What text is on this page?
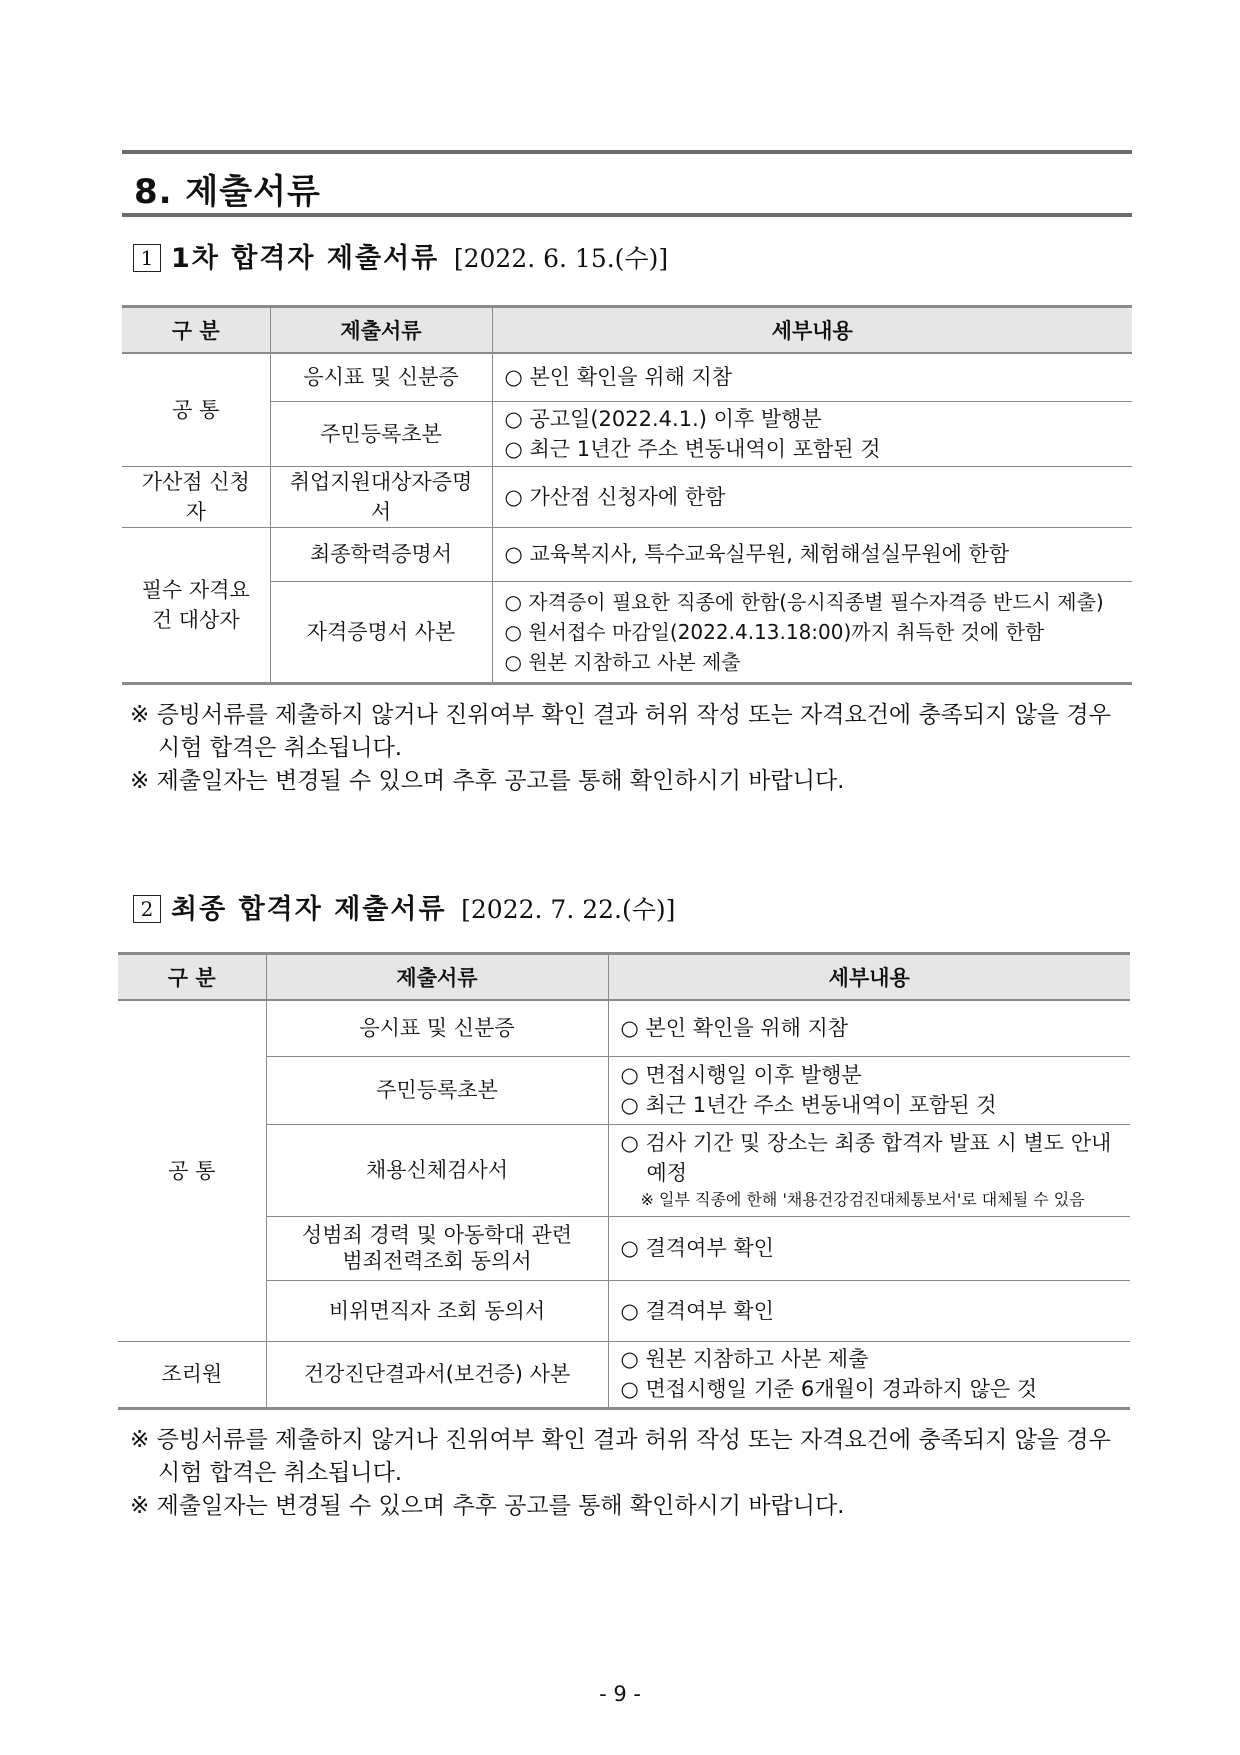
8. 제출서류
1 1차 합격자 제출서류 [2022. 6. 15.(수)]
구 분	제출서류	세부내용
공 통	응시표 및 신분증	○ 본인 확인을 위해 지참

	주민등록초본	○ 공고일(2022.4.1.) 이후 발행분
○ 최근 1년간 주소 변동내역이 포함된 것

가산점 신청자	취업지원대상자증명서	○ 가산점 신청자에 한함

필수 자격요건 대상자	최종학력증명서	○ 교육복지사, 특수교육실무원, 체험해설실무원에 한함

	자격증명서 사본	○ 자격증이 필요한 직종에 한함(응시직종별 필수자격증 반드시 제출)
○ 원서접수 마감일(2022.4.13.18:00)까지 취득한 것에 한함
○ 원본 지참하고 사본 제출

※ 증빙서류를 제출하지 않거나 진위여부 확인 결과 허위 작성 또는 자격요건에 충족되지 않을 경우 시험 합격은 취소됩니다.

※ 제출일자는 변경될 수 있으며 추후 공고를 통해 확인하시기 바랍니다.

2 최종 합격자 제출서류 [2022. 7. 22.(수)]
구 분	제출서류	세부내용
공 통	응시표 및 신분증	○ 본인 확인을 위해 지참

	주민등록초본	○ 면접시행일 이후 발행분
○ 최근 1년간 주소 변동내역이 포함된 것

	채용신체검사서	○ 검사 기간 및 장소는 최종 합격자 발표 시 별도 안내 예정
※ 일부 직종에 한해 '채용건강검진대체통보서'로 대체될 수 있음

	성범죄 경력 및 아동학대 관련
범죄전력조회 동의서	○ 결격여부 확인

	비위면직자 조회 동의서	○ 결격여부 확인

조리원	건강진단결과서(보건증) 사본	○ 원본 지참하고 사본 제출
○ 면접시행일 기준 6개월이 경과하지 않은 것

※ 증빙서류를 제출하지 않거나 진위여부 확인 결과 허위 작성 또는 자격요건에 충족되지 않을 경우 시험 합격은 취소됩니다.

※ 제출일자는 변경될 수 있으며 추후 공고를 통해 확인하시기 바랍니다.

- 9 -
